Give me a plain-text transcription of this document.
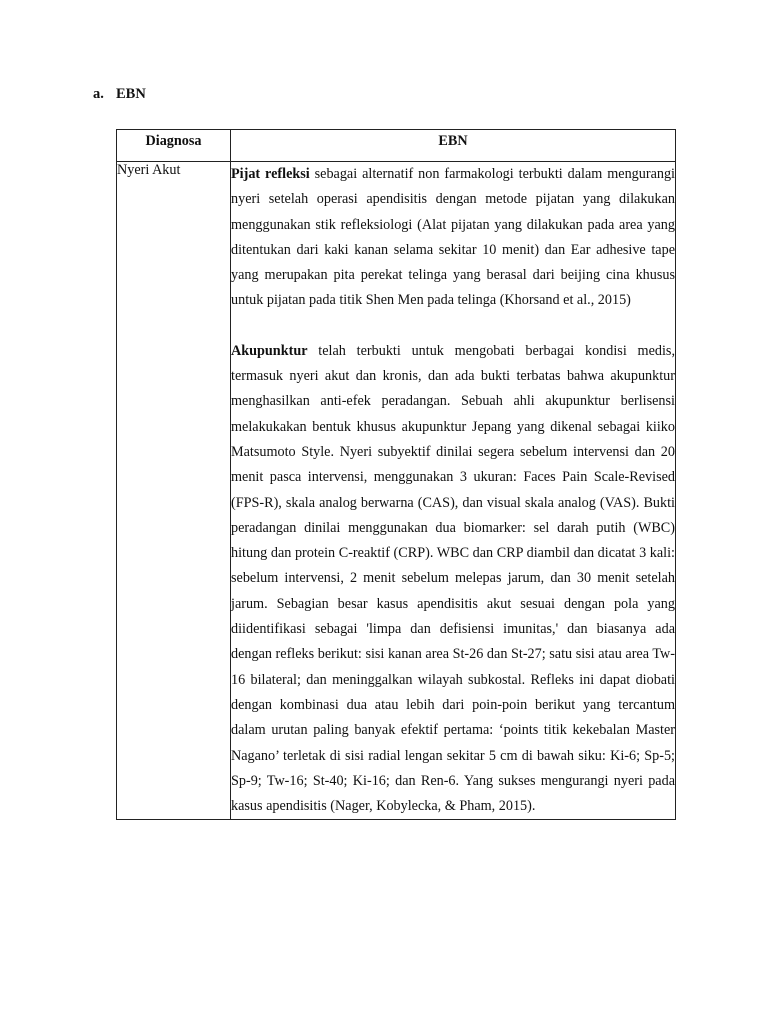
a. EBN
Diagnosa	EBN
Nyeri Akut	Pijat refleksi sebagai alternatif non farmakologi terbukti dalam mengurangi nyeri setelah operasi apendisitis dengan metode pijatan yang dilakukan menggunakan stik refleksiologi (Alat pijatan yang dilakukan pada area yang ditentukan dari kaki kanan selama sekitar 10 menit) dan Ear adhesive tape yang merupakan pita perekat telinga yang berasal dari beijing cina khusus untuk pijatan pada titik Shen Men pada telinga (Khorsand et al., 2015)

Akupunktur telah terbukti untuk mengobati berbagai kondisi medis, termasuk nyeri akut dan kronis, dan ada bukti terbatas bahwa akupunktur menghasilkan anti-efek peradangan. Sebuah ahli akupunktur berlisensi melakukakan bentuk khusus akupunktur Jepang yang dikenal sebagai kiiko Matsumoto Style. Nyeri subyektif dinilai segera sebelum intervensi dan 20 menit pasca intervensi, menggunakan 3 ukuran: Faces Pain Scale-Revised (FPS-R), skala analog berwarna (CAS), dan visual skala analog (VAS). Bukti peradangan dinilai menggunakan dua biomarker: sel darah putih (WBC) hitung dan protein C-reaktif (CRP). WBC dan CRP diambil dan dicatat 3 kali: sebelum intervensi, 2 menit sebelum melepas jarum, dan 30 menit setelah jarum. Sebagian besar kasus apendisitis akut sesuai dengan pola yang diidentifikasi sebagai 'limpa dan defisiensi imunitas,' dan biasanya ada dengan refleks berikut: sisi kanan area St-26 dan St-27; satu sisi atau area Tw-16 bilateral; dan meninggalkan wilayah subkostal. Refleks ini dapat diobati dengan kombinasi dua atau lebih dari poin-poin berikut yang tercantum dalam urutan paling banyak efektif pertama: ‘points titik kekebalan Master Nagano’ terletak di sisi radial lengan sekitar 5 cm di bawah siku: Ki-6; Sp-5; Sp-9; Tw-16; St-40; Ki-16; dan Ren-6. Yang sukses mengurangi nyeri pada kasus apendisitis (Nager, Kobylecka, & Pham, 2015).
